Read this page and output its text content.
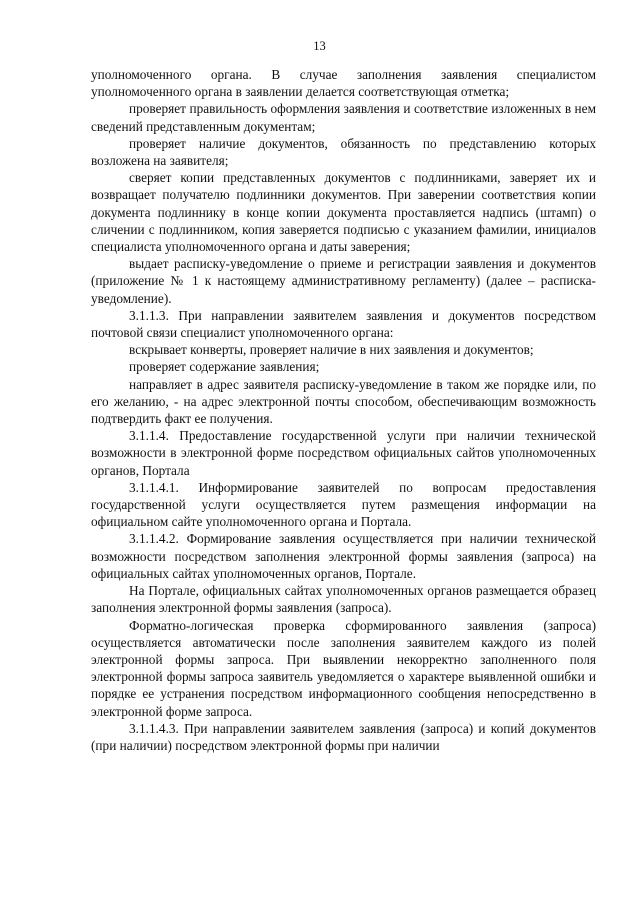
13

уполномоченного органа. В случае заполнения заявления специалистом уполномоченного органа в заявлении делается соответствующая отметка;

проверяет правильность оформления заявления и соответствие изложенных в нем сведений представленным документам;

проверяет наличие документов, обязанность по представлению которых возложена на заявителя;

сверяет копии представленных документов с подлинниками, заверяет их и возвращает получателю подлинники документов. При заверении соответствия копии документа подлиннику в конце копии документа проставляется надпись (штамп) о сличении с подлинником, копия заверяется подписью с указанием фамилии, инициалов специалиста уполномоченного органа и даты заверения;

выдает расписку-уведомление о приеме и регистрации заявления и документов (приложение № 1 к настоящему административному регламенту) (далее – расписка-уведомление).

3.1.1.3. При направлении заявителем заявления и документов посредством почтовой связи специалист уполномоченного органа:

вскрывает конверты, проверяет наличие в них заявления и документов;

проверяет содержание заявления;

направляет в адрес заявителя расписку-уведомление в таком же порядке или, по его желанию, - на адрес электронной почты способом, обеспечивающим возможность подтвердить факт ее получения.

3.1.1.4. Предоставление государственной услуги при наличии технической возможности в электронной форме посредством официальных сайтов уполномоченных органов, Портала

3.1.1.4.1. Информирование заявителей по вопросам предоставления государственной услуги осуществляется путем размещения информации на официальном сайте уполномоченного органа и Портала.

3.1.1.4.2. Формирование заявления осуществляется при наличии технической возможности посредством заполнения электронной формы заявления (запроса) на официальных сайтах уполномоченных органов, Портале.

На Портале, официальных сайтах уполномоченных органов размещается образец заполнения электронной формы заявления (запроса).

Форматно-логическая проверка сформированного заявления (запроса) осуществляется автоматически после заполнения заявителем каждого из полей электронной формы запроса. При выявлении некорректно заполненного поля электронной формы запроса заявитель уведомляется о характере выявленной ошибки и порядке ее устранения посредством информационного сообщения непосредственно в электронной форме запроса.

3.1.1.4.3. При направлении заявителем заявления (запроса) и копий документов (при наличии) посредством электронной формы при наличии
